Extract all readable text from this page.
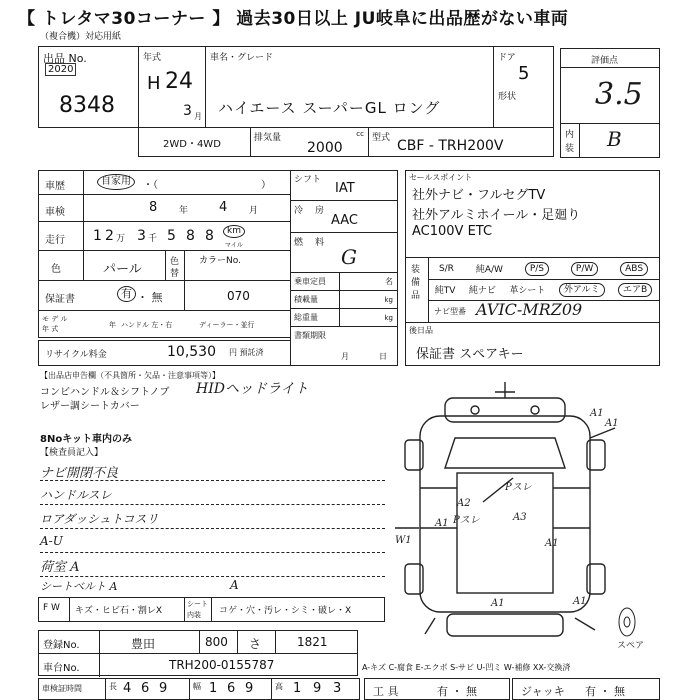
【 トレタマ30コーナー 】 過去30日以上 JU岐阜に出品歴がない車両
（複合機）対応用紙
出品 No.
2020
8348
年式
H 24
3 月
車名・グレード
ハイエース スーパーGL ロング
ドア
5
形状
評価点
3.5
内
装 B
2WD・4WD
排気量	cc
2000
型式 CBF - TRH200V
車歴	自家用	・（	）
車検	8 年 4 月
走行 1 2 万 3 千 5 8 8	km
マイル
色	パール	色
替
カラーNo.
保証書	有 ・ 無	070
モ デ ル
年 式	年 ハンドル 左・右	ディーラー・並行
リサイクル料金	10,530 円 預託済
シフト
IAT
冷 房
AAC
燃 料
G
乗車定員	名
積載量	kg
総重量	kg
書類期限
月	日
セールスポイント
社外ナビ・フルセグTV
社外アルミホイール・足廻り
AC100V ETC
装 備 品
S/R 純A/W	P/S	P/W	ABS
純TV 純ナビ 革シート	外アルミ	エアB
ナビ型番 AVIC-MRZ09
後日品
保証書 スペアキー
【出品店申告欄（不具箇所・欠品・注意事項等）】
コンビハンドル＆シフトノブ HIDヘッドライト
レザー調シートカバー
8Noキット車内のみ
【検査員記入】
ナビ開閉不良
ハンドルスレ
ロアダッシュトコスリ
A-U
荷室 A
シートベルト A
F W キズ・ヒビ石・割レX
シート
内装 コゲ・穴・汚レ・シミ・破レ・X
A
A1
A1
A2
A1
Pスレ
Pスレ	A3
W1
A1	A1
A1
スペア
登録No.	豊田	800 さ	1821
車台No.	TRH200-0155787	A-キズ C-腐食 E-エクボ S-サビ U-凹ミ W-補修 XX-交換済
車検証時間	長 4 6 9	幅 1 6 9	高 1 9 3	工 具	有 ・ 無	ジャッキ 有 ・ 無
